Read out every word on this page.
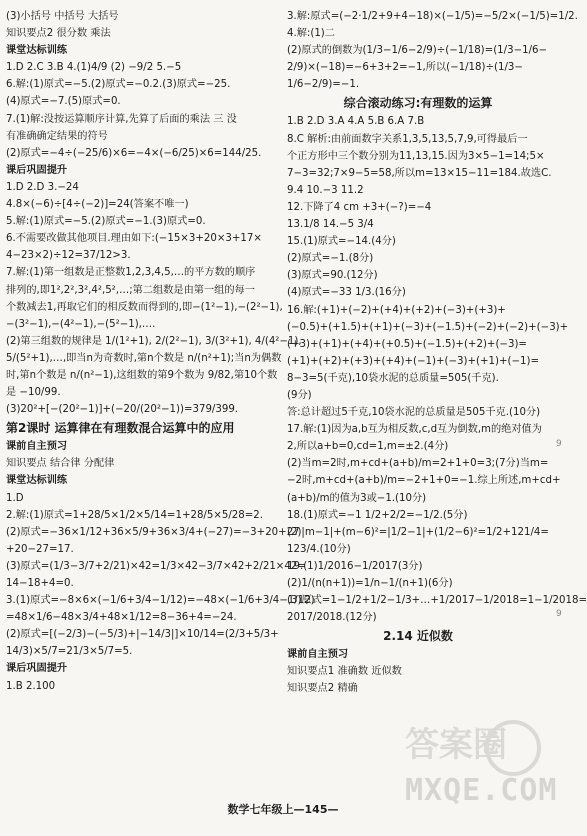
(3)小括号 中括号 大括号
知识要点2 很分数 乘法
课堂达标训练
1.D 2.C 3.B 4.(1)4/9 (2) −9/2 5.−5
6.解:(1)原式=−5.(2)原式=−0.2.(3)原式=−25.
(4)原式=−7.(5)原式=0.
7.(1)解:没按运算顺序计算,先算了后面的乘法 三 没
有准确确定结果的符号
(2)原式=−4÷(−25/6)×6=−4×(−6/25)×6=144/25.
课后巩固提升
1.D 2.D 3.−24
4.8×(−6)÷[4÷(−2)]=24(答案不唯一)
5.解:(1)原式=−5.(2)原式=−1.(3)原式=0.
6.不需要改做其他项目.理由如下:(−15×3+20×3+17×
4−23×2)÷12=37/12>3.
7.解:(1)第一组数是正整数1,2,3,4,5,…的平方数的顺序
排列的,即1²,2²,3²,4²,5²,…;第二组数是由第一组的每一
个数减去1,再取它们的相反数而得到的,即−(1²−1),−(2²−1),
−(3²−1),−(4²−1),−(5²−1),….
(2)第三组数的规律是 1/(1²+1), 2/(2²−1), 3/(3²+1), 4/(4²−1),
5/(5²+1),…,即当n为奇数时,第n个数是 n/(n²+1);当n为偶数
时,第n个数是 n/(n²−1),这组数的第9个数为 9/82,第10个数
是 −10/99.
(3)20²+[−(20²−1)]+(−20/(20²−1))=379/399.
第2课时 运算律在有理数混合运算中的应用
课前自主预习
知识要点 结合律 分配律
课堂达标训练
1.D
2.解:(1)原式=1+28/5×1/2×5/14=1+28/5×5/28=2.
(2)原式=−36×1/12+36×5/9+36×3/4+(−27)=−3+20+27
+20−27=17.
(3)原式=(1/3−3/7+2/21)×42=1/3×42−3/7×42+2/21×42=
14−18+4=0.
3.(1)原式=−8×6×(−1/6+3/4−1/12)=−48×(−1/6+3/4−1/12)
=48×1/6−48×3/4+48×1/12=8−36+4=−24.
(2)原式=[(−2/3)−(−5/3)+|−14/3|]×10/14=(2/3+5/3+
14/3)×5/7=21/3×5/7=5.
课后巩固提升
1.B 2.100
3.解:原式=(−2·1/2+9+4−18)×(−1/5)=−5/2×(−1/5)=1/2.
4.解:(1)二
(2)原式的倒数为(1/3−1/6−2/9)÷(−1/18)=(1/3−1/6−
2/9)×(−18)=−6+3+2=−1,所以(−1/18)÷(1/3−
1/6−2/9)=−1.
综合滚动练习:有理数的运算
1.B 2.D 3.A 4.A 5.B 6.A 7.B
8.C 解析:由前面数字关系1,3,5,13,5,7,9,可得最后一
个正方形中三个数分别为11,13,15.因为3×5−1=14;5×
7−3=32;7×9−5=58,所以m=13×15−11=184.故选C.
9.4 10.−3 11.2
12.下降了4 cm +3+(−?)=−4
13.1/8 14.−5 3/4
15.(1)原式=−14.(4分)
(2)原式=−1.(8分)
(3)原式=90.(12分)
(4)原式=−33 1/3.(16分)
16.解:(+1)+(−2)+(+4)+(+2)+(−3)+(+3)+
(−0.5)+(+1.5)+(+1)+(−3)+(−1.5)+(−2)+(−2)+(−3)+
(+3)+(+1)+(+4)+(+0.5)+(−1.5)+(+2)+(−3)=
(+1)+(+2)+(+3)+(+4)+(−1)+(−3)+(+1)+(−1)=
8−3=5(千克),10袋水泥的总质量=505(千克).
(9分)
答:总计超过5千克,10袋水泥的总质量是505千克.(10分)
17.解:(1)因为a,b互为相反数,c,d互为倒数,m的绝对值为
2,所以a+b=0,cd=1,m=±2.(4分)
(2)当m=2时,m+cd+(a+b)/m=2+1+0=3;(7分)当m=
−2时,m+cd+(a+b)/m=−2+1+0=−1.综上所述,m+cd+
(a+b)/m的值为3或−1.(10分)
18.(1)原式=−1 1/2+2/2=−1/2.(5分)
(2)|m−1|+(m−6)²=|1/2−1|+(1/2−6)²=1/2+121/4=
123/4.(10分)
19.(1)1/2016−1/2017(3分)
(2)1/(n(n+1))=1/n−1/(n+1)(6分)
(3)原式=1−1/2+1/2−1/3+…+1/2017−1/2018=1−1/2018=
2017/2018.(12分)
2.14 近似数
课前自主预习
知识要点1 准确数 近似数
知识要点2 精确
数学七年级上—145—
答案圈
MXQE.COM
9
9
